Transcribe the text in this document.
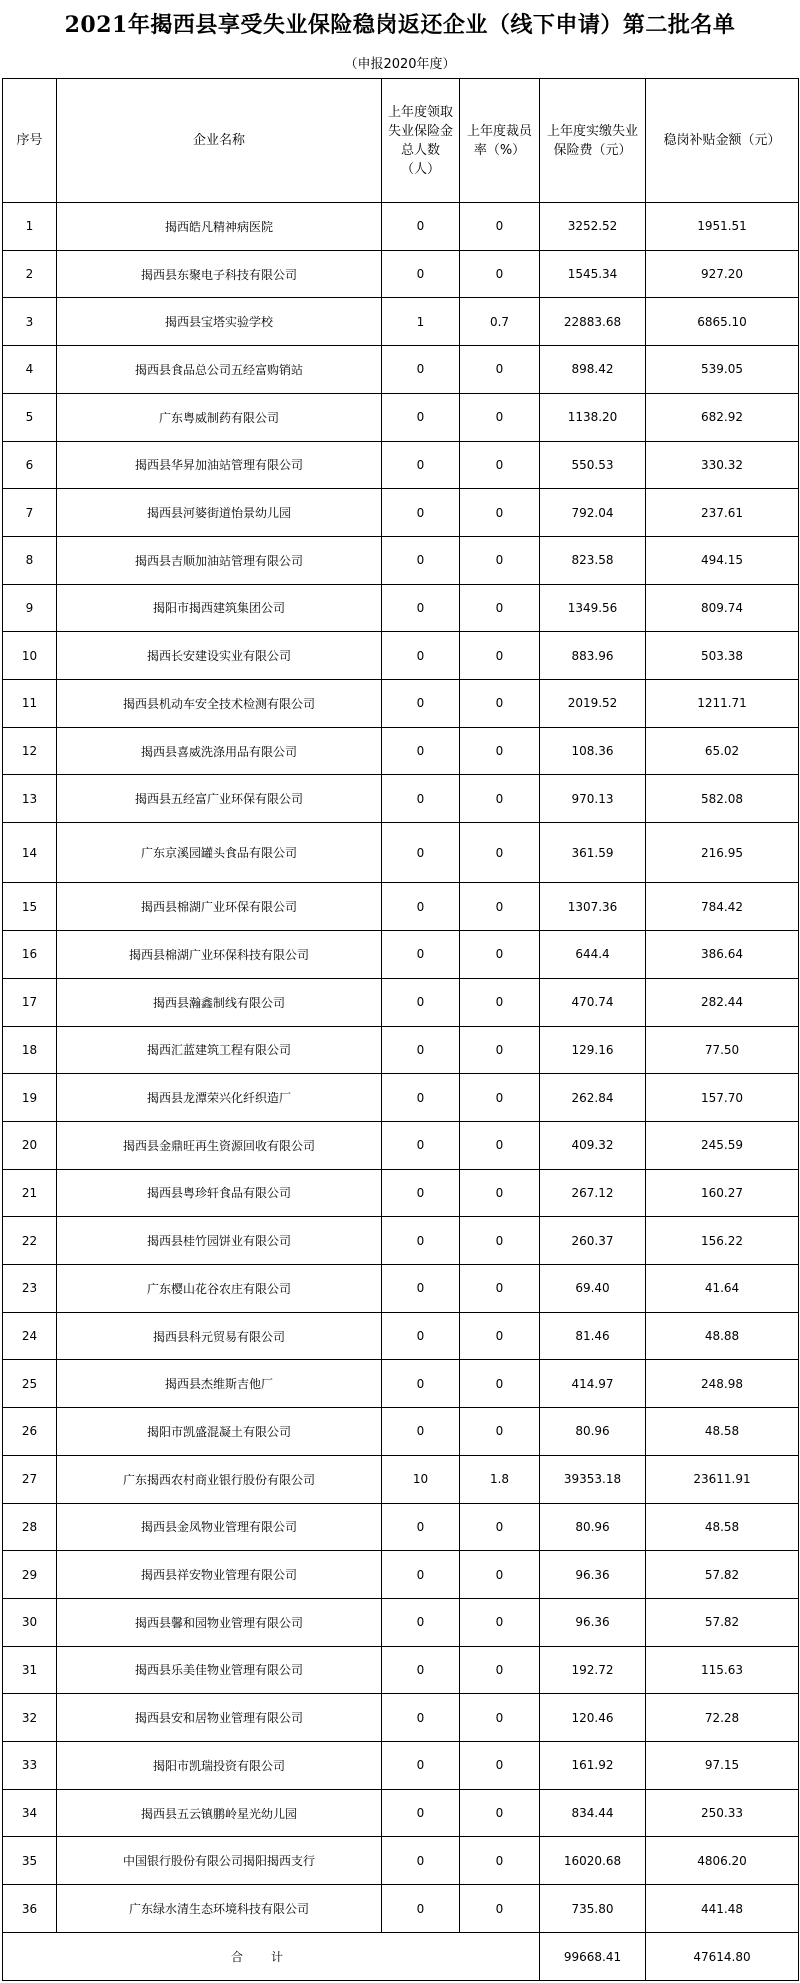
2021年揭西县享受失业保险稳岗返还企业（线下申请）第二批名单
（申报2020年度）
序号	企业名称	上年度领取失业保险金总人数（人）	上年度裁员率（%）	上年度实缴失业保险费（元）	稳岗补贴金额（元）
1	揭西皓凡精神病医院	0	0	3252.52	1951.51
2	揭西县东聚电子科技有限公司	0	0	1545.34	927.20
3	揭西县宝塔实验学校	1	0.7	22883.68	6865.10
4	揭西县食品总公司五经富购销站	0	0	898.42	539.05
5	广东粤威制药有限公司	0	0	1138.20	682.92
6	揭西县华昇加油站管理有限公司	0	0	550.53	330.32
7	揭西县河婆街道怡景幼儿园	0	0	792.04	237.61
8	揭西县吉顺加油站管理有限公司	0	0	823.58	494.15
9	揭阳市揭西建筑集团公司	0	0	1349.56	809.74
10	揭西长安建设实业有限公司	0	0	883.96	503.38
11	揭西县机动车安全技术检测有限公司	0	0	2019.52	1211.71
12	揭西县喜威洗涤用品有限公司	0	0	108.36	65.02
13	揭西县五经富广业环保有限公司	0	0	970.13	582.08
14	广东京溪园罐头食品有限公司	0	0	361.59	216.95
15	揭西县棉湖广业环保有限公司	0	0	1307.36	784.42
16	揭西县棉湖广业环保科技有限公司	0	0	644.4	386.64
17	揭西县瀚鑫制线有限公司	0	0	470.74	282.44
18	揭西汇蓝建筑工程有限公司	0	0	129.16	77.50
19	揭西县龙潭荣兴化纤织造厂	0	0	262.84	157.70
20	揭西县金鼎旺再生资源回收有限公司	0	0	409.32	245.59
21	揭西县粤珍轩食品有限公司	0	0	267.12	160.27
22	揭西县桂竹园饼业有限公司	0	0	260.37	156.22
23	广东樱山花谷农庄有限公司	0	0	69.40	41.64
24	揭西县科元贸易有限公司	0	0	81.46	48.88
25	揭西县杰维斯吉他厂	0	0	414.97	248.98
26	揭阳市凯盛混凝土有限公司	0	0	80.96	48.58
27	广东揭西农村商业银行股份有限公司	10	1.8	39353.18	23611.91
28	揭西县金凤物业管理有限公司	0	0	80.96	48.58
29	揭西县祥安物业管理有限公司	0	0	96.36	57.82
30	揭西县馨和园物业管理有限公司	0	0	96.36	57.82
31	揭西县乐美佳物业管理有限公司	0	0	192.72	115.63
32	揭西县安和居物业管理有限公司	0	0	120.46	72.28
33	揭阳市凯瑞投资有限公司	0	0	161.92	97.15
34	揭西县五云镇鹏岭星光幼儿园	0	0	834.44	250.33
35	中国银行股份有限公司揭阳揭西支行	0	0	16020.68	4806.20
36	广东绿水清生态环境科技有限公司	0	0	735.80	441.48
合计				99668.41	47614.80
